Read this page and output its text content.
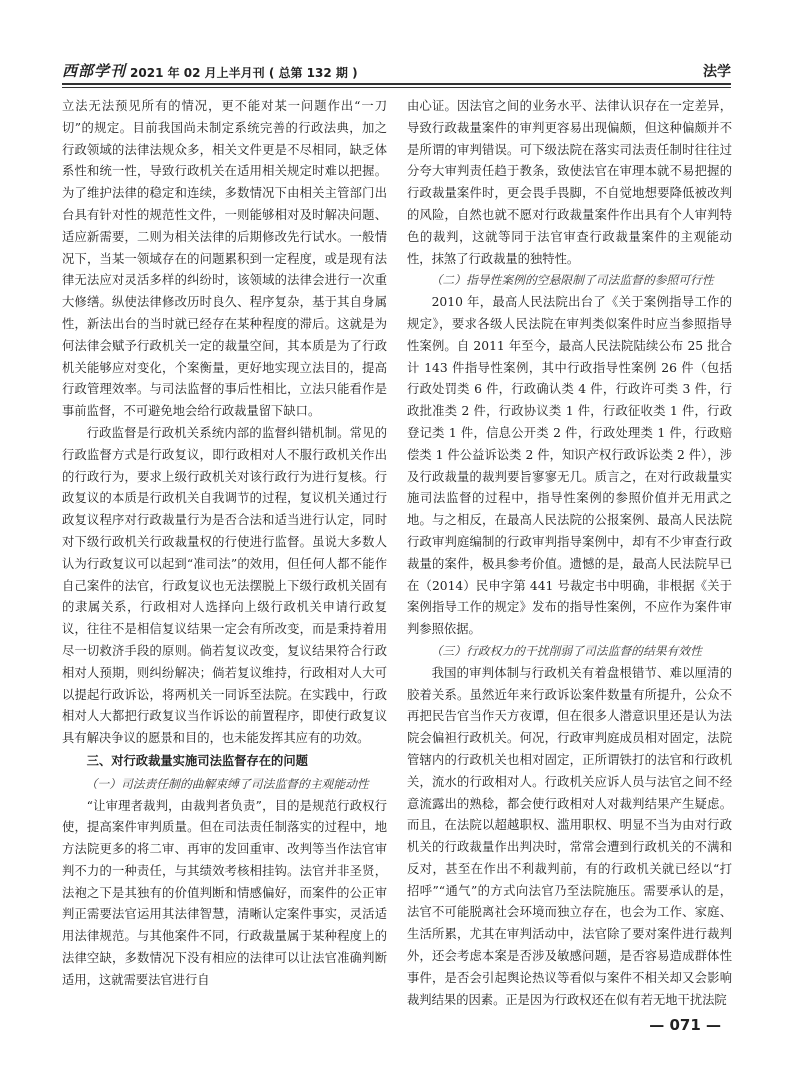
西部学刊 2021 年 02 月上半月刊 ( 总第 132 期 )	法学

立法无法预见所有的情况，更不能对某一问题作出“一刀切”的规定。目前我国尚未制定系统完善的行政法典，加之行政领域的法律法规众多，相关文件更是不尽相同，缺乏体系性和统一性，导致行政机关在适用相关规定时难以把握。为了维护法律的稳定和连续，多数情况下由相关主管部门出台具有针对性的规范性文件，一则能够相对及时解决问题、适应新需要，二则为相关法律的后期修改先行试水。一般情况下，当某一领域存在的问题累积到一定程度，或是现有法律无法应对灵活多样的纠纷时，该领域的法律会进行一次重大修缮。纵使法律修改历时良久、程序复杂，基于其自身属性，新法出台的当时就已经存在某种程度的滞后。这就是为何法律会赋予行政机关一定的裁量空间，其本质是为了行政机关能够应对变化，个案衡量，更好地实现立法目的，提高行政管理效率。与司法监督的事后性相比，立法只能看作是事前监督，不可避免地会给行政裁量留下缺口。

行政监督是行政机关系统内部的监督纠错机制。常见的行政监督方式是行政复议，即行政相对人不服行政机关作出的行政行为，要求上级行政机关对该行政行为进行复核。行政复议的本质是行政机关自我调节的过程，复议机关通过行政复议程序对行政裁量行为是否合法和适当进行认定，同时对下级行政机关行政裁量权的行使进行监督。虽说大多数人认为行政复议可以起到“准司法”的效用，但任何人都不能作自己案件的法官，行政复议也无法摆脱上下级行政机关固有的隶属关系，行政相对人选择向上级行政机关申请行政复议，往往不是相信复议结果一定会有所改变，而是秉持着用尽一切救济手段的原则。倘若复议改变，复议结果符合行政相对人预期，则纠纷解决；倘若复议维持，行政相对人大可以提起行政诉讼，将两机关一同诉至法院。在实践中，行政相对人大都把行政复议当作诉讼的前置程序，即使行政复议具有解决争议的愿景和目的，也未能发挥其应有的功效。

三、对行政裁量实施司法监督存在的问题
（一）司法责任制的曲解束缚了司法监督的主观能动性

“让审理者裁判，由裁判者负责”，目的是规范行政权行使，提高案件审判质量。但在司法责任制落实的过程中，地方法院更多的将二审、再审的发回重审、改判等当作法官审判不力的一种责任，与其绩效考核相挂钩。法官并非圣贤，法袍之下是其独有的价值判断和情感偏好，而案件的公正审判正需要法官运用其法律智慧，清晰认定案件事实，灵活适用法律规范。与其他案件不同，行政裁量属于某种程度上的法律空缺，多数情况下没有相应的法律可以让法官准确判断适用，这就需要法官进行自

由心证。因法官之间的业务水平、法律认识存在一定差异，导致行政裁量案件的审判更容易出现偏颇，但这种偏颇并不是所谓的审判错误。可下级法院在落实司法责任制时往往过分夸大审判责任趋于教条，致使法官在审理本就不易把握的行政裁量案件时，更会畏手畏脚，不自觉地想要降低被改判的风险，自然也就不愿对行政裁量案件作出具有个人审判特色的裁判，这就等同于法官审查行政裁量案件的主观能动性，抹煞了行政裁量的独特性。

（二）指导性案例的空悬限制了司法监督的参照可行性

2010 年，最高人民法院出台了《关于案例指导工作的规定》，要求各级人民法院在审判类似案件时应当参照指导性案例。自 2011 年至今，最高人民法院陆续公布 25 批合计 143 件指导性案例，其中行政指导性案例 26 件（包括行政处罚类 6 件，行政确认类 4 件，行政许可类 3 件，行政批准类 2 件，行政协议类 1 件，行政征收类 1 件，行政登记类 1 件，信息公开类 2 件，行政处理类 1 件，行政赔偿类 1 件公益诉讼类 2 件，知识产权行政诉讼类 2 件），涉及行政裁量的裁判要旨寥寥无几。质言之，在对行政裁量实施司法监督的过程中，指导性案例的参照价值并无用武之地。与之相反，在最高人民法院的公报案例、最高人民法院行政审判庭编制的行政审判指导案例中，却有不少审查行政裁量的案件，极具参考价值。遗憾的是，最高人民法院早已在（2014）民申字第 441 号裁定书中明确，非根据《关于案例指导工作的规定》发布的指导性案例，不应作为案件审判参照依据。

（三）行政权力的干扰削弱了司法监督的结果有效性

我国的审判体制与行政机关有着盘根错节、难以厘清的胶着关系。虽然近年来行政诉讼案件数量有所提升，公众不再把民告官当作天方夜谭，但在很多人潜意识里还是认为法院会偏袒行政机关。何况，行政审判庭成员相对固定，法院管辖内的行政机关也相对固定，正所谓铁打的法官和行政机关，流水的行政相对人。行政机关应诉人员与法官之间不经意流露出的熟稔，都会使行政相对人对裁判结果产生疑虑。而且，在法院以超越职权、滥用职权、明显不当为由对行政机关的行政裁量作出判决时，常常会遭到行政机关的不满和反对，甚至在作出不利裁判前，有的行政机关就已经以“打招呼”“通气”的方式向法官乃至法院施压。需要承认的是，法官不可能脱离社会环境而独立存在，也会为工作、家庭、生活所累，尤其在审判活动中，法官除了要对案件进行裁判外，还会考虑本案是否涉及敏感问题，是否容易造成群体性事件，是否会引起舆论热议等看似与案件不相关却又会影响裁判结果的因素。正是因为行政权还在似有若无地干扰法院

— 071 —
